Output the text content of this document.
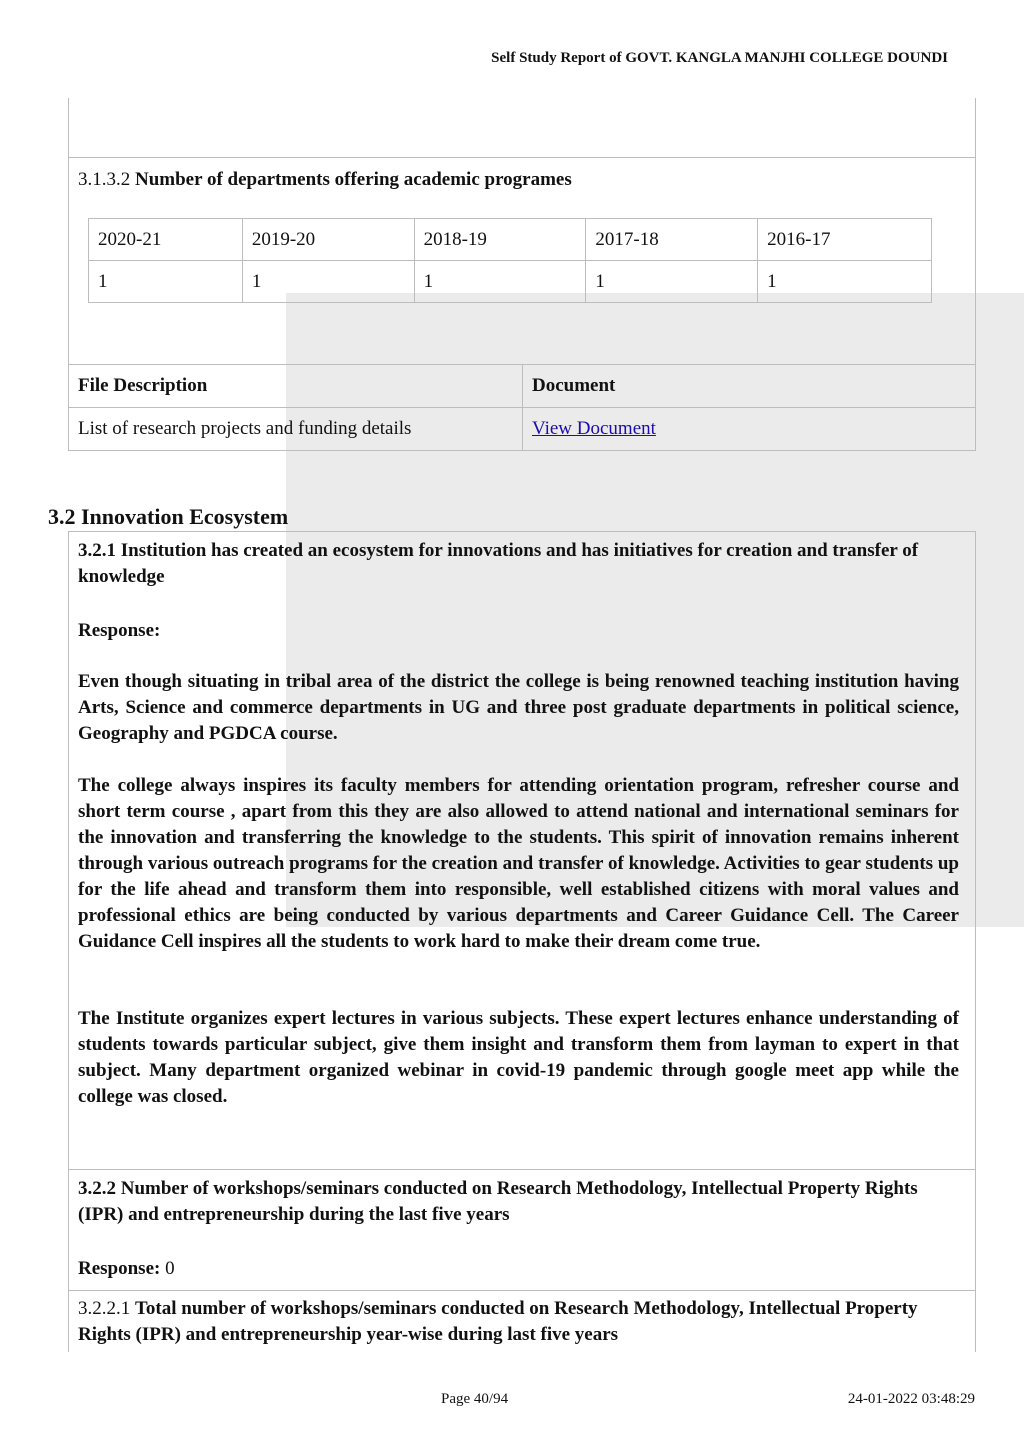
Self Study Report of GOVT. KANGLA MANJHI COLLEGE DOUNDI
3.1.3.2 Number of departments offering academic programes
2020-21	2019-20	2018-19	2017-18	2016-17
1	1	1	1	1
File Description	Document
List of research projects and funding details	View Document
3.2 Innovation Ecosystem

3.2.1 Institution has created an ecosystem for innovations and has initiatives for creation and transfer of knowledge

Response:

Even though situating in tribal area of the district the college is being renowned teaching institution having Arts, Science and commerce departments in UG and three post graduate departments in political science, Geography and PGDCA course.

The college always inspires its faculty members for attending orientation program, refresher course and short term course , apart from this they are also allowed to attend national and international seminars for the innovation and transferring the knowledge to the students. This spirit of innovation remains inherent through various outreach programs for the creation and transfer of knowledge. Activities to gear students up for the life ahead and transform them into responsible, well established citizens with moral values and professional ethics are being conducted by various departments and Career Guidance Cell. The Career Guidance Cell inspires all the students to work hard to make their dream come true.

The Institute organizes expert lectures in various subjects. These expert lectures enhance understanding of students towards particular subject, give them insight and transform them from layman to expert in that subject. Many department organized webinar in covid-19 pandemic through google meet app while the college was closed.

3.2.2 Number of workshops/seminars conducted on Research Methodology, Intellectual Property Rights (IPR) and entrepreneurship during the last five years

Response: 0
3.2.2.1 Total number of workshops/seminars conducted on Research Methodology, Intellectual Property Rights (IPR) and entrepreneurship year-wise during last five years
Page 40/94	24-01-2022 03:48:29
